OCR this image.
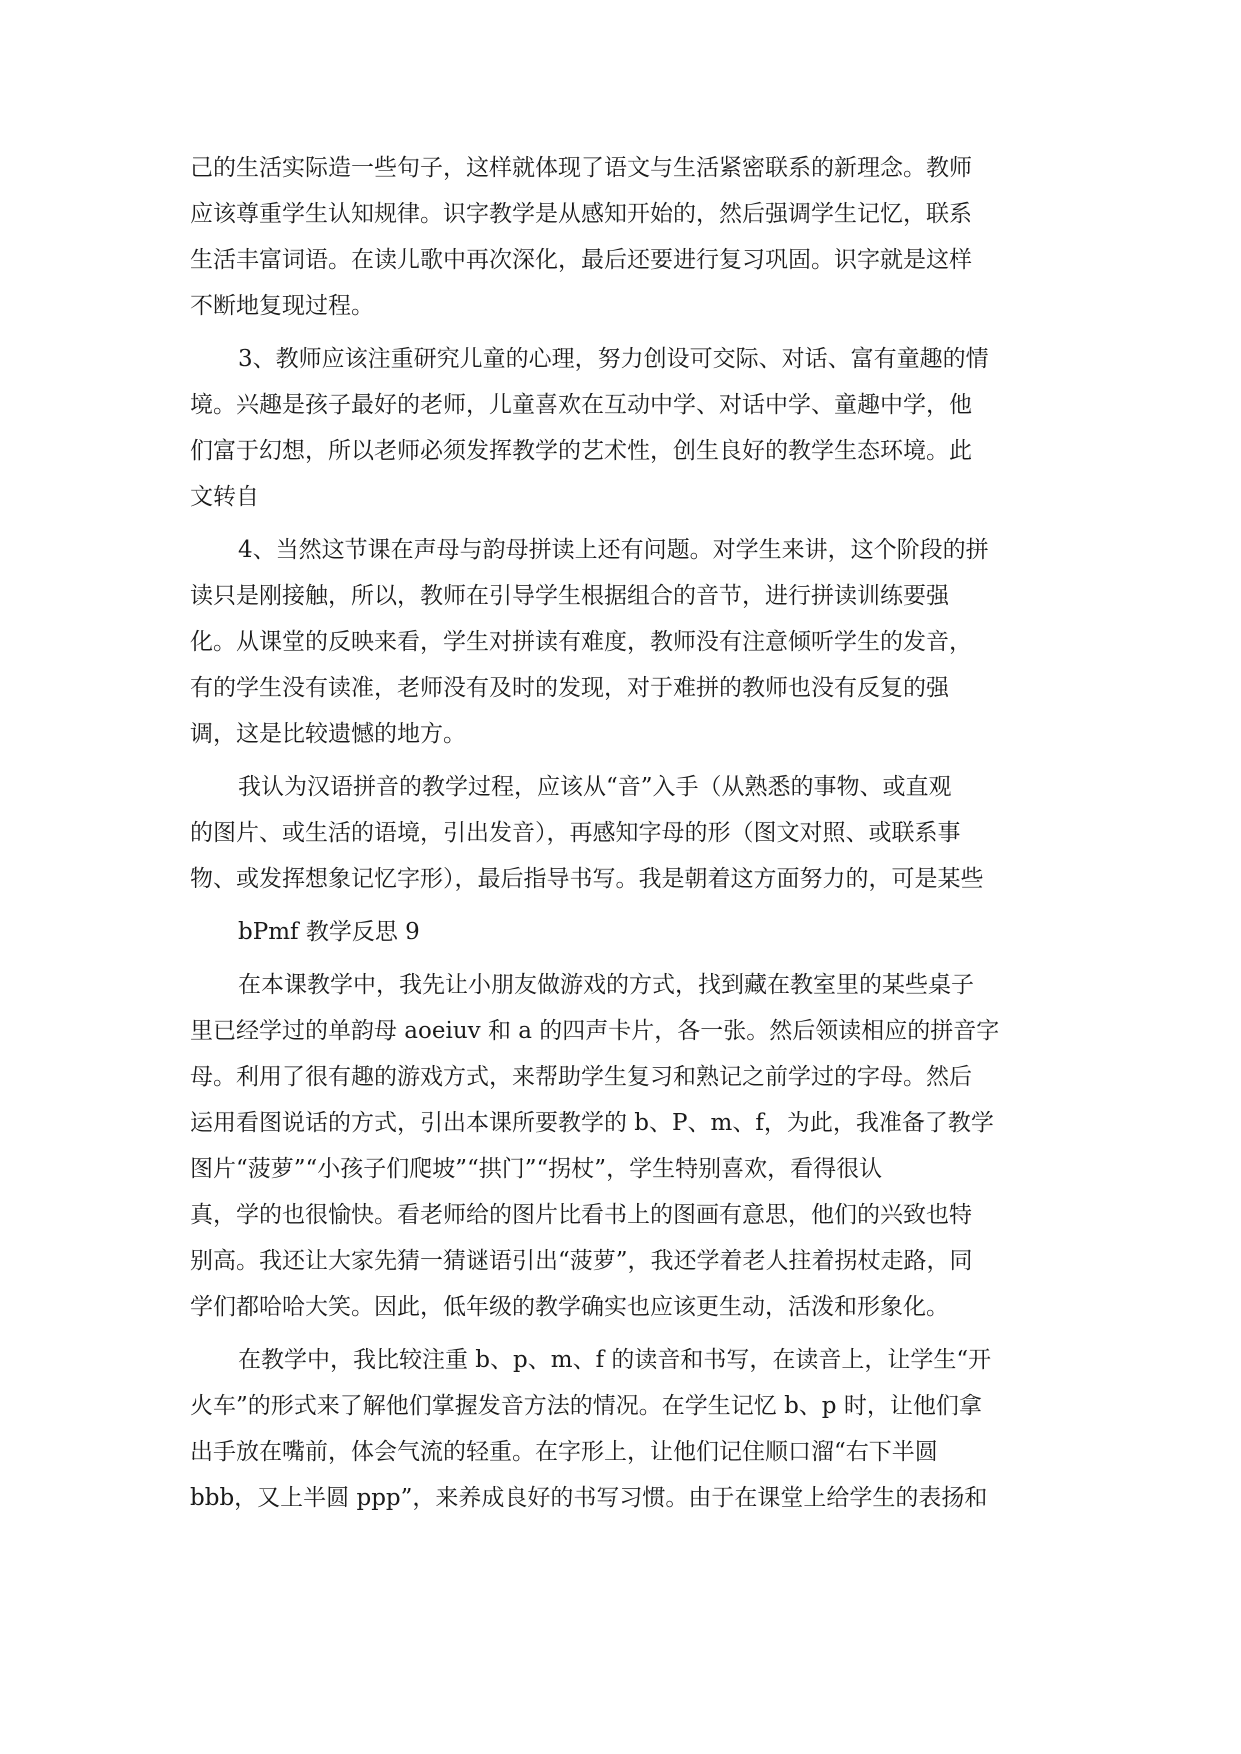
己的生活实际造一些句子，这样就体现了语文与生活紧密联系的新理念。教师
应该尊重学生认知规律。识字教学是从感知开始的，然后强调学生记忆，联系
生活丰富词语。在读儿歌中再次深化，最后还要进行复习巩固。识字就是这样
不断地复现过程。
3、教师应该注重研究儿童的心理，努力创设可交际、对话、富有童趣的情
境。兴趣是孩子最好的老师，儿童喜欢在互动中学、对话中学、童趣中学，他
们富于幻想，所以老师必须发挥教学的艺术性，创生良好的教学生态环境。此
文转自
4、当然这节课在声母与韵母拼读上还有问题。对学生来讲，这个阶段的拼
读只是刚接触，所以，教师在引导学生根据组合的音节，进行拼读训练要强
化。从课堂的反映来看，学生对拼读有难度，教师没有注意倾听学生的发音，
有的学生没有读准，老师没有及时的发现，对于难拼的教师也没有反复的强
调，这是比较遗憾的地方。
我认为汉语拼音的教学过程，应该从“音”入手（从熟悉的事物、或直观
的图片、或生活的语境，引出发音），再感知字母的形（图文对照、或联系事
物、或发挥想象记忆字形），最后指导书写。我是朝着这方面努力的，可是某些
bPmf 教学反思 9
在本课教学中，我先让小朋友做游戏的方式，找到藏在教室里的某些桌子
里已经学过的单韵母 aoeiuv 和 a 的四声卡片，各一张。然后领读相应的拼音字
母。利用了很有趣的游戏方式，来帮助学生复习和熟记之前学过的字母。然后
运用看图说话的方式，引出本课所要教学的 b、P、m、f，为此，我准备了教学
图片“菠萝”“小孩子们爬坡”“拱门”“拐杖”，学生特别喜欢，看得很认
真，学的也很愉快。看老师给的图片比看书上的图画有意思，他们的兴致也特
别高。我还让大家先猜一猜谜语引出“菠萝”，我还学着老人拄着拐杖走路，同
学们都哈哈大笑。因此，低年级的教学确实也应该更生动，活泼和形象化。
在教学中，我比较注重 b、p、m、f 的读音和书写，在读音上，让学生“开
火车”的形式来了解他们掌握发音方法的情况。在学生记忆 b、p 时，让他们拿
出手放在嘴前，体会气流的轻重。在字形上，让他们记住顺口溜“右下半圆
bbb，又上半圆 ppp”，来养成良好的书写习惯。由于在课堂上给学生的表扬和
